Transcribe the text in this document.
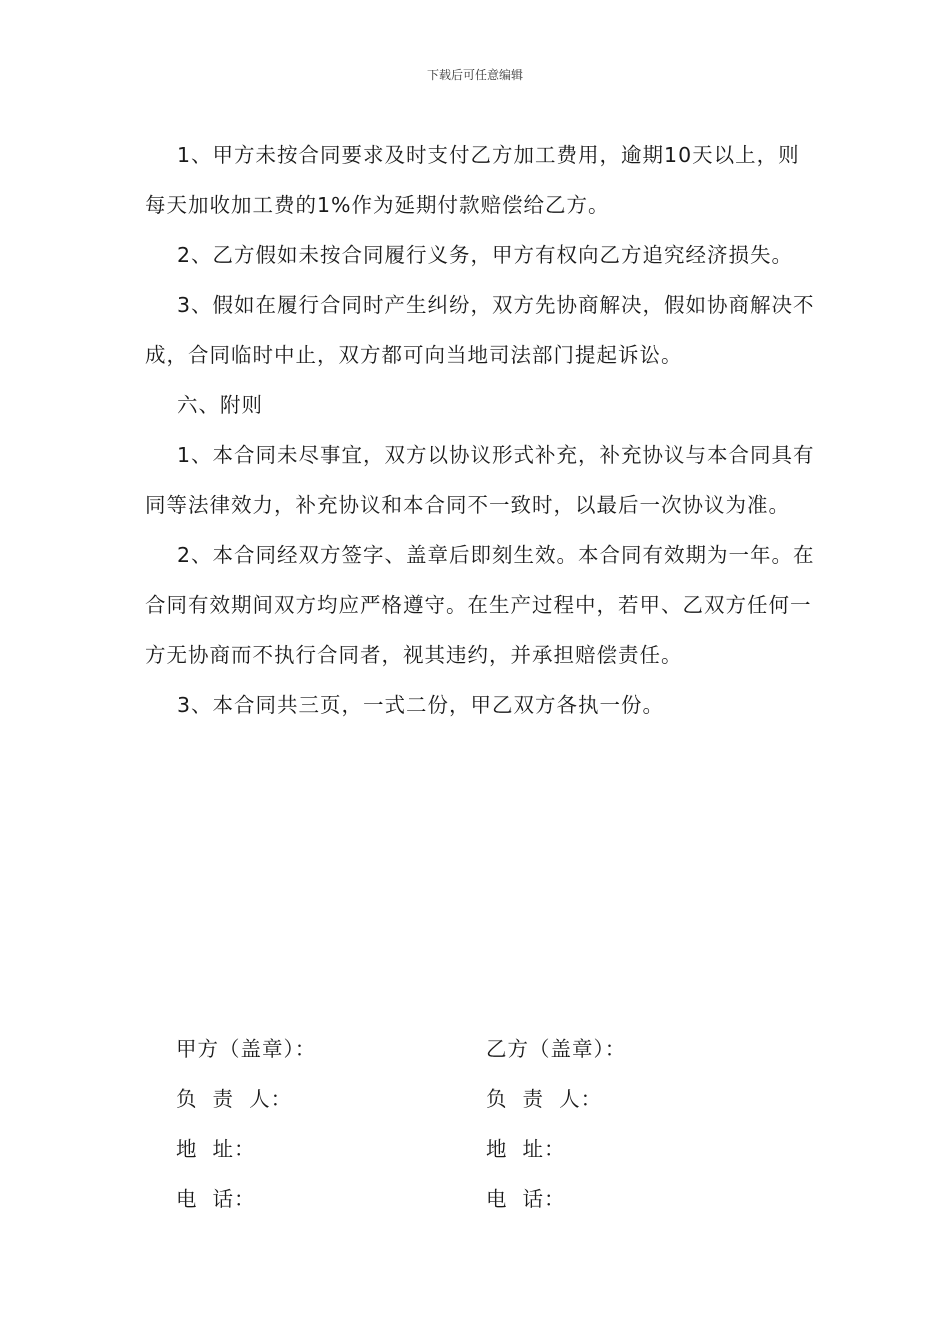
下载后可任意编辑

1、甲方未按合同要求及时支付乙方加工费用，逾期10天以上，则每天加收加工费的1%作为延期付款赔偿给乙方。

2、乙方假如未按合同履行义务，甲方有权向乙方追究经济损失。

3、假如在履行合同时产生纠纷，双方先协商解决，假如协商解决不成，合同临时中止，双方都可向当地司法部门提起诉讼。

六、附则

1、本合同未尽事宜，双方以协议形式补充，补充协议与本合同具有同等法律效力，补充协议和本合同不一致时，以最后一次协议为准。

2、本合同经双方签字、盖章后即刻生效。本合同有效期为一年。在合同有效期间双方均应严格遵守。在生产过程中，若甲、乙双方任何一方无协商而不执行合同者，视其违约，并承担赔偿责任。

3、本合同共三页，一式二份，甲乙双方各执一份。

甲方（盖章）：	乙方（盖章）：
负  责  人：	负  责  人：
地  址：	地  址：
电  话：	电  话：
